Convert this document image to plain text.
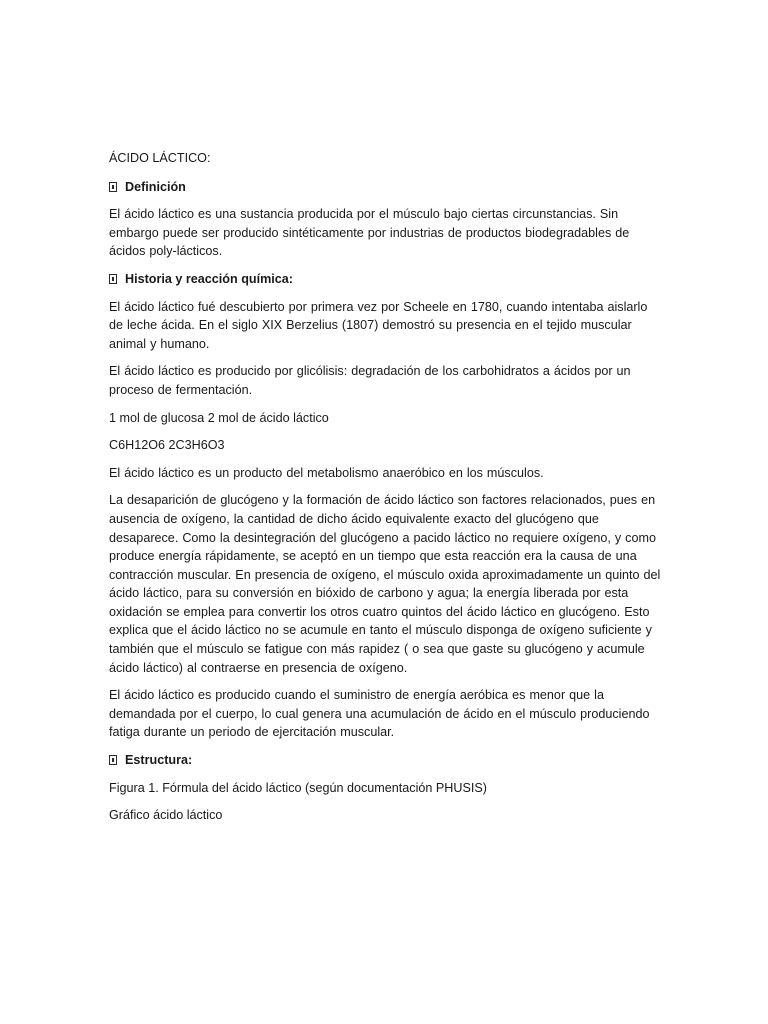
ÁCIDO LÁCTICO:

Definición

El ácido láctico es una sustancia producida por el músculo bajo ciertas circunstancias. Sin embargo puede ser producido sintéticamente por industrias de productos biodegradables de ácidos poly-lácticos.

Historia y reacción química:

El ácido láctico fué descubierto por primera vez por Scheele en 1780, cuando intentaba aislarlo de leche ácida. En el siglo XIX Berzelius (1807) demostró su presencia en el tejido muscular animal y humano.

El ácido láctico es producido por glicólisis: degradación de los carbohidratos a ácidos por un proceso de fermentación.

1 mol de glucosa 2 mol de ácido láctico

C6H12O6 2C3H6O3

El ácido láctico es un producto del metabolismo anaeróbico en los músculos.

La desaparición de glucógeno y la formación de ácido láctico son factores relacionados, pues en ausencia de oxígeno, la cantidad de dicho ácido equivalente exacto del glucógeno que desaparece. Como la desintegración del glucógeno a pacido láctico no requiere oxígeno, y como produce energía rápidamente, se aceptó en un tiempo que esta reacción era la causa de una contracción muscular. En presencia de oxígeno, el músculo oxida aproximadamente un quinto del ácido láctico, para su conversión en bióxido de carbono y agua; la energía liberada por esta oxidación se emplea para convertir los otros cuatro quintos del ácido láctico en glucógeno. Esto explica que el ácido láctico no se acumule en tanto el músculo disponga de oxígeno suficiente y también que el músculo se fatigue con más rapidez ( o sea que gaste su glucógeno y acumule ácido láctico) al contraerse en presencia de oxígeno.

El ácido láctico es producido cuando el suministro de energía aeróbica es menor que la demandada por el cuerpo, lo cual genera una acumulación de ácido en el músculo produciendo fatiga durante un periodo de ejercitación muscular.

Estructura:

Figura 1. Fórmula del ácido láctico (según documentación PHUSIS)

Gráfico ácido láctico
